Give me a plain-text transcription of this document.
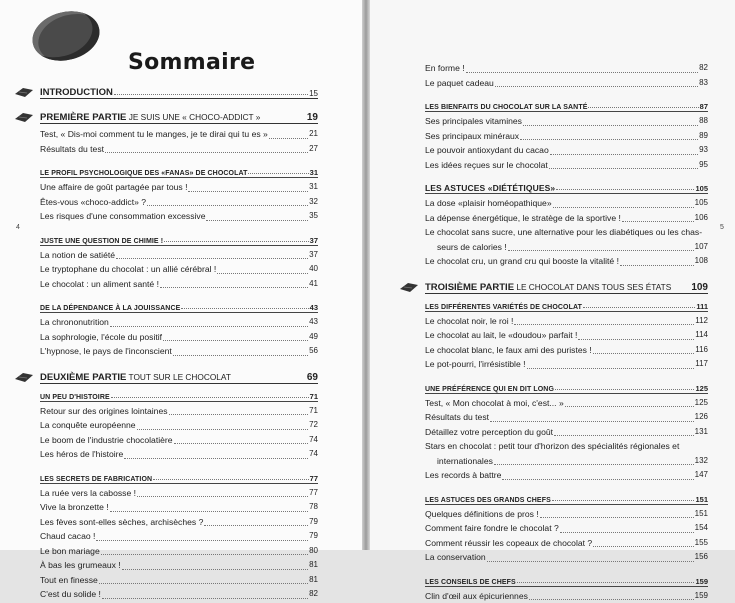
Sommaire
4	5
INTRODUCTION	15
PREMIÈRE PARTIE JE SUIS UNE « CHOCO-ADDICT »	19
Test, « Dis-moi comment tu le manges, je te dirai qui tu es »	21
Résultats du test	27
LE PROFIL PSYCHOLOGIQUE DES «FANAS» DE CHOCOLAT	31
Une affaire de goût partagée par tous !	31
Êtes-vous «choco-addict» ?	32
Les risques d'une consommation excessive	35
JUSTE UNE QUESTION DE CHIMIE !	37
La notion de satiété	37
Le tryptophane du chocolat : un allié cérébral !	40
Le chocolat : un aliment santé !	41
DE LA DÉPENDANCE À LA JOUISSANCE	43
La chrononutrition	43
La sophrologie, l'école du positif	49
L'hypnose, le pays de l'inconscient	56
DEUXIÈME PARTIE TOUT SUR LE CHOCOLAT	69
UN PEU D'HISTOIRE	71
Retour sur des origines lointaines	71
La conquête européenne	72
Le boom de l'industrie chocolatière	74
Les héros de l'histoire	74
LES SECRETS DE FABRICATION	77
La ruée vers la cabosse !	77
Vive la bronzette !	78
Les fèves sont-elles sèches, archisèches ?	79
Chaud cacao !	79
Le bon mariage	80
À bas les grumeaux !	81
Tout en finesse	81
C'est du solide !	82
En forme !	82
Le paquet cadeau	83
LES BIENFAITS DU CHOCOLAT SUR LA SANTÉ	87
Ses principales vitamines	88
Ses principaux minéraux	89
Le pouvoir antioxydant du cacao	93
Les idées reçues sur le chocolat	95
LES ASTUCES «DIÉTÉTIQUES»	105
La dose «plaisir homéopathique»	105
La dépense énergétique, le stratège de la sportive !	106
Le chocolat sans sucre, une alternative pour les diabétiques ou les chas-
seurs de calories !	107
Le chocolat cru, un grand cru qui booste la vitalité !	108
TROISIÈME PARTIE LE CHOCOLAT DANS TOUS SES ÉTATS 109
LES DIFFÉRENTES VARIÉTÉS DE CHOCOLAT	111
Le chocolat noir, le roi !	112
Le chocolat au lait, le «doudou» parfait !	114
Le chocolat blanc, le faux ami des puristes !	116
Le pot-pourri, l'irrésistible !	117
UNE PRÉFÉRENCE QUI EN DIT LONG	125
Test, « Mon chocolat à moi, c'est... »	125
Résultats du test	126
Détaillez votre perception du goût	131
Stars en chocolat : petit tour d'horizon des spécialités régionales et
internationales	132
Les records à battre	147
LES ASTUCES DES GRANDS CHEFS	151
Quelques définitions de pros !	151
Comment faire fondre le chocolat ?	154
Comment réussir les copeaux de chocolat ?	155
La conservation	156
LES CONSEILS DE CHEFS	159
Clin d'œil aux épicuriennes	159
